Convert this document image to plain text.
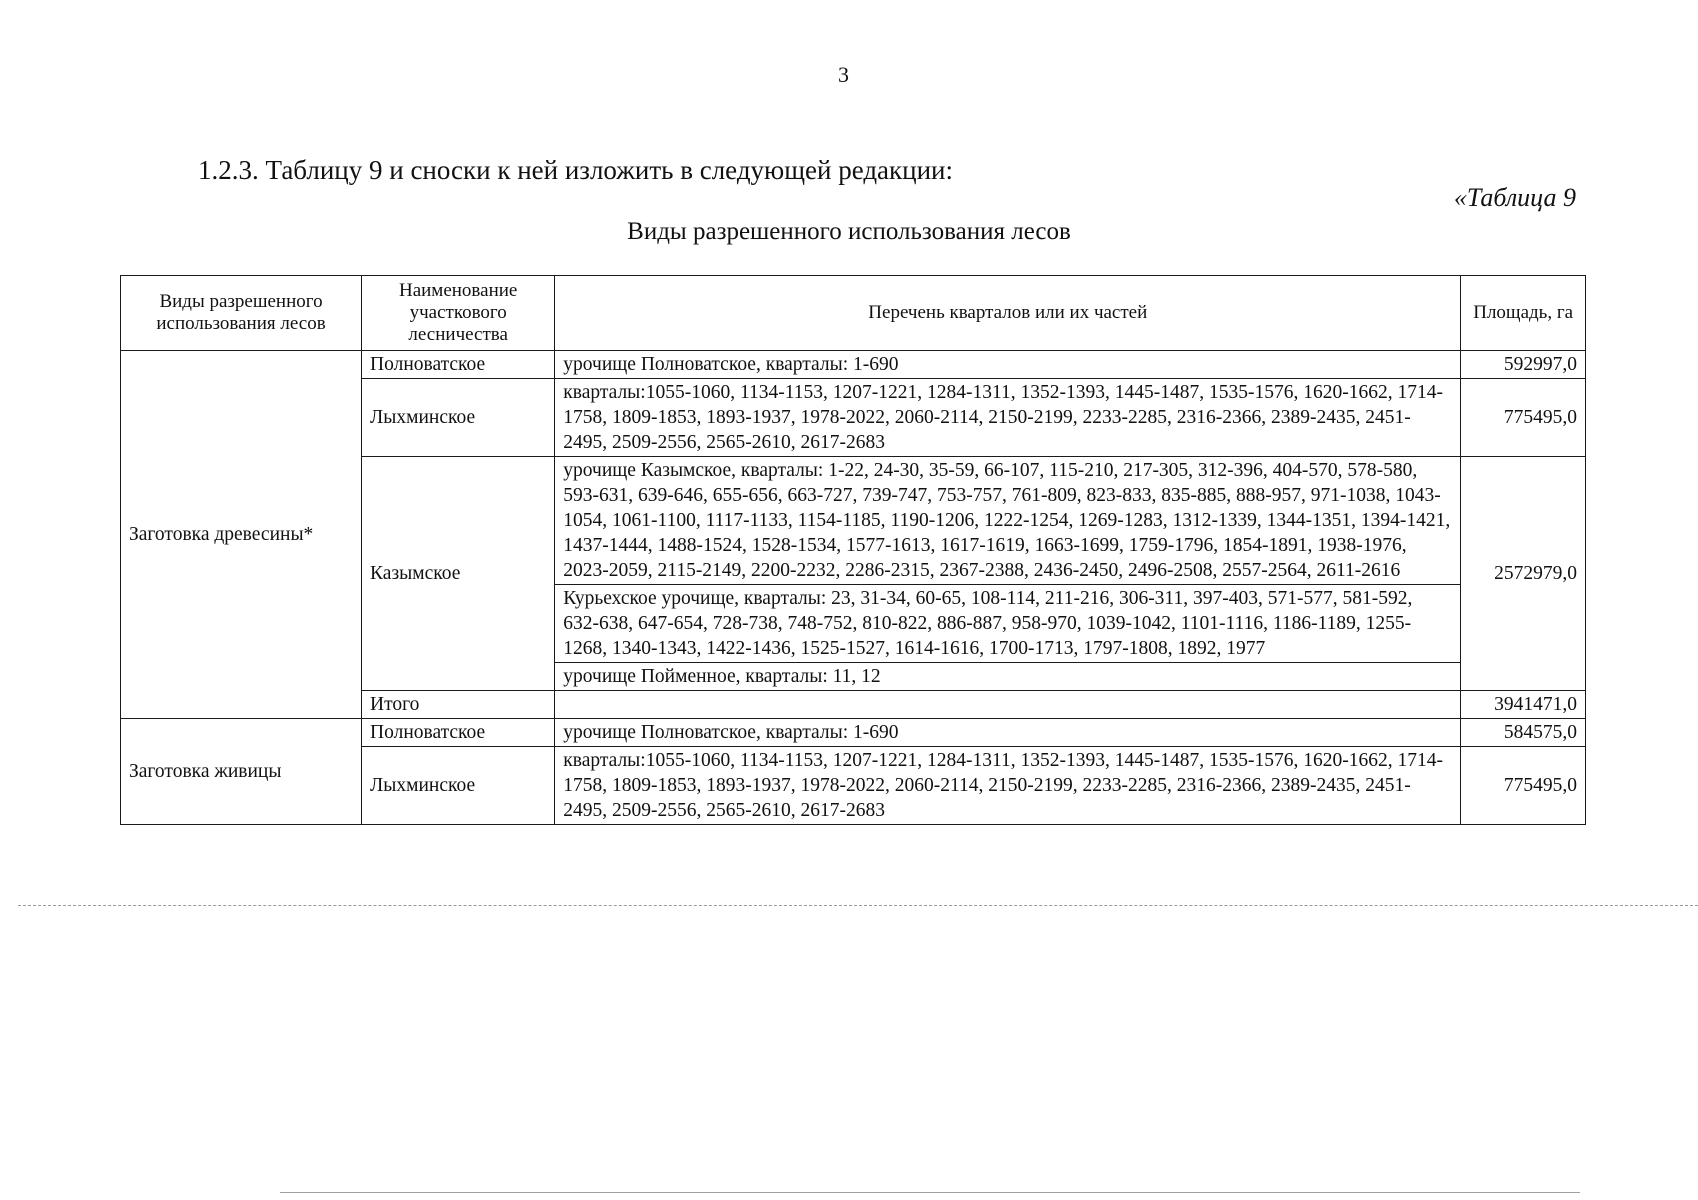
3
1.2.3. Таблицу 9 и сноски к ней изложить в следующей редакции:
«Таблица 9
Виды разрешенного использования лесов
Виды разрешенного использования лесов	Наименование участкового лесничества	Перечень кварталов или их частей	Площадь, га
Заготовка древесины*	Полноватское	урочище Полноватское, кварталы: 1-690	592997,0
	Лыхминское	кварталы:1055-1060, 1134-1153, 1207-1221, 1284-1311, 1352-1393, 1445-1487, 1535-1576, 1620-1662, 1714-1758, 1809-1853, 1893-1937, 1978-2022, 2060-2114, 2150-2199, 2233-2285, 2316-2366, 2389-2435, 2451-2495, 2509-2556, 2565-2610, 2617-2683	775495,0
	Казымское	урочище Казымское, кварталы: 1-22, 24-30, 35-59, 66-107, 115-210, 217-305, 312-396, 404-570, 578-580, 593-631, 639-646, 655-656, 663-727, 739-747, 753-757, 761-809, 823-833, 835-885, 888-957, 971-1038, 1043-1054, 1061-1100, 1117-1133, 1154-1185, 1190-1206, 1222-1254, 1269-1283, 1312-1339, 1344-1351, 1394-1421, 1437-1444, 1488-1524, 1528-1534, 1577-1613, 1617-1619, 1663-1699, 1759-1796, 1854-1891, 1938-1976, 2023-2059, 2115-2149, 2200-2232, 2286-2315, 2367-2388, 2436-2450, 2496-2508, 2557-2564, 2611-2616	2572979,0
		Курьехское урочище, кварталы: 23, 31-34, 60-65, 108-114, 211-216, 306-311, 397-403, 571-577, 581-592, 632-638, 647-654, 728-738, 748-752, 810-822, 886-887, 958-970, 1039-1042, 1101-1116, 1186-1189, 1255-1268, 1340-1343, 1422-1436, 1525-1527, 1614-1616, 1700-1713, 1797-1808, 1892, 1977	
		урочище Пойменное, кварталы: 11, 12	
	Итого		3941471,0
Заготовка живицы	Полноватское	урочище Полноватское, кварталы: 1-690	584575,0
	Лыхминское	кварталы:1055-1060, 1134-1153, 1207-1221, 1284-1311, 1352-1393, 1445-1487, 1535-1576, 1620-1662, 1714-1758, 1809-1853, 1893-1937, 1978-2022, 2060-2114, 2150-2199, 2233-2285, 2316-2366, 2389-2435, 2451-2495, 2509-2556, 2565-2610, 2617-2683	775495,0
